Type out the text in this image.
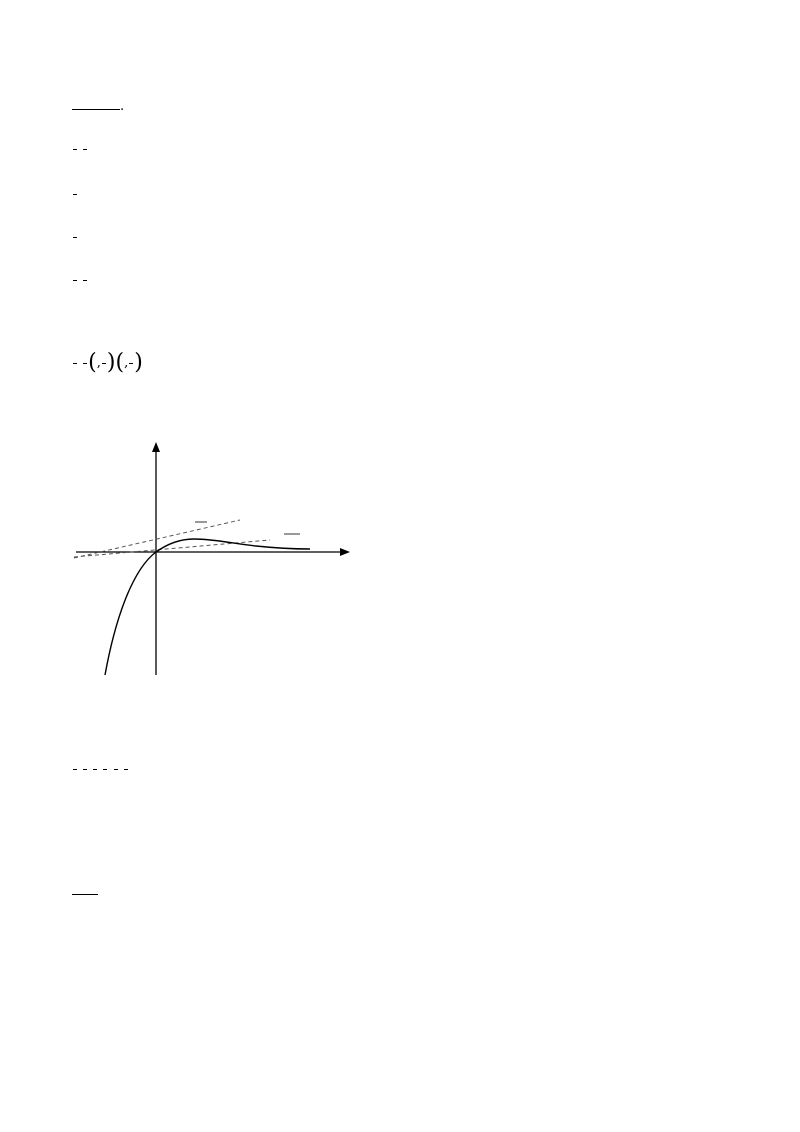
.

(, )(, )
